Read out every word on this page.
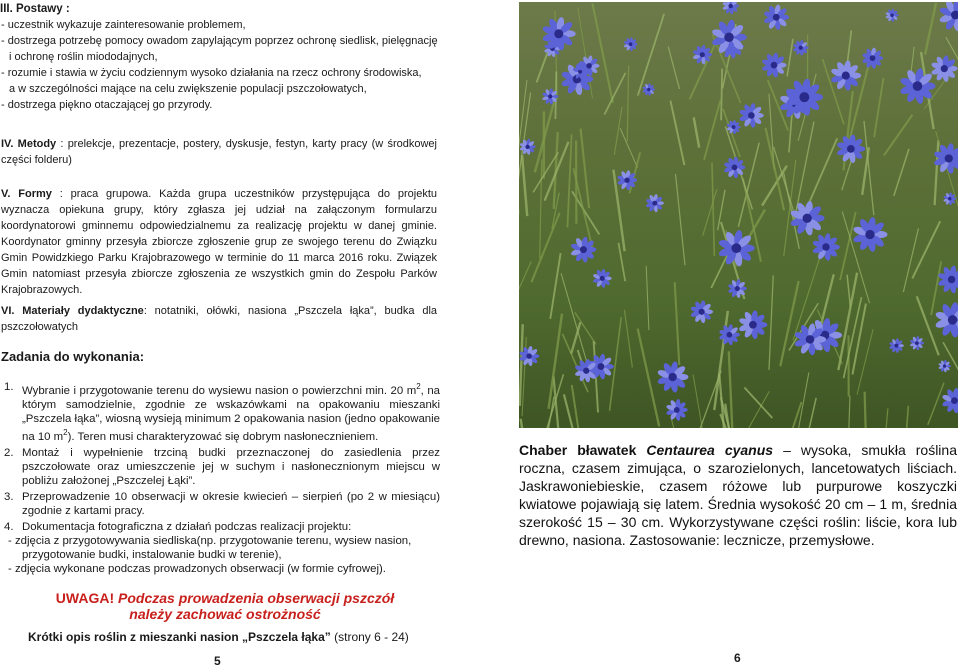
III. Postawy :
- uczestnik wykazuje zainteresowanie problemem,
- dostrzega potrzebę pomocy owadom zapylającym poprzez ochronę siedlisk, pielęgnację
i ochronę roślin miododajnych,
- rozumie i stawia w życiu codziennym wysoko działania na rzecz ochrony środowiska,
a w szczególności mające na celu zwiększenie populacji pszczołowatych,
- dostrzega piękno otaczającej go przyrody.
IV. Metody : prelekcje, prezentacje, postery, dyskusje, festyn, karty pracy (w środkowej części folderu)
V. Formy : praca grupowa. Każda grupa uczestników przystępująca do projektu wyznacza opiekuna grupy, który zgłasza jej udział na załączonym formularzu koordynatorowi gminnemu odpowiedzialnemu za realizację projektu w danej gminie. Koordynator gminny przesyła zbiorcze zgłoszenie grup ze swojego terenu do Związku Gmin Powidzkiego Parku Krajobrazowego w terminie do 11 marca 2016 roku. Związek Gmin natomiast przesyła zbiorcze zgłoszenia ze wszystkich gmin do Zespołu Parków Krajobrazowych.
VI. Materiały dydaktyczne: notatniki, ołówki, nasiona „Pszczela łąka”, budka dla pszczołowatych
Zadania do wykonania:
1. Wybranie i przygotowanie terenu do wysiewu nasion o powierzchni min. 20 $m^2$, na którym samodzielnie, zgodnie ze wskazówkami na opakowaniu mieszanki „Pszczela łąka”, wiosną wysieją minimum 2 opakowania nasion (jedno opakowanie na 10 $m^2$). Teren musi charakteryzować się dobrym nasłonecznieniem.
2. Montaż i wypełnienie trzciną budki przeznaczonej do zasiedlenia przez pszczołowate oraz umieszczenie jej w suchym i nasłonecznionym miejscu w pobliżu założonej „Pszczelej Łąki”.
3. Przeprowadzenie 10 obserwacji w okresie kwiecień – sierpień (po 2 w miesiącu) zgodnie z kartami pracy.
4. Dokumentacja fotograficzna z działań podczas realizacji projektu:
- zdjęcia z przygotowywania siedliska(np. przygotowanie terenu, wysiew nasion,
przygotowanie budki, instalowanie budki w terenie),
- zdjęcia wykonane podczas prowadzonych obserwacji (w formie cyfrowej).
UWAGA! Podczas prowadzenia obserwacji pszczół
należy zachować ostrożność
Krótki opis roślin z mieszanki nasion „Pszczela łąka” (strony 6 - 24)
5
Chaber bławatek Centaurea cyanus – wysoka, smukła roślina roczna, czasem zimująca, o szarozielonych, lancetowatych liściach. Jaskrawoniebieskie, czasem różowe lub purpurowe koszyczki kwiatowe pojawiają się latem. Średnia wysokość 20 cm – 1 m, średnia szerokość 15 – 30 cm. Wykorzystywane części roślin: liście, kora lub drewno, nasiona. Zastosowanie: lecznicze, przemysłowe.
6
